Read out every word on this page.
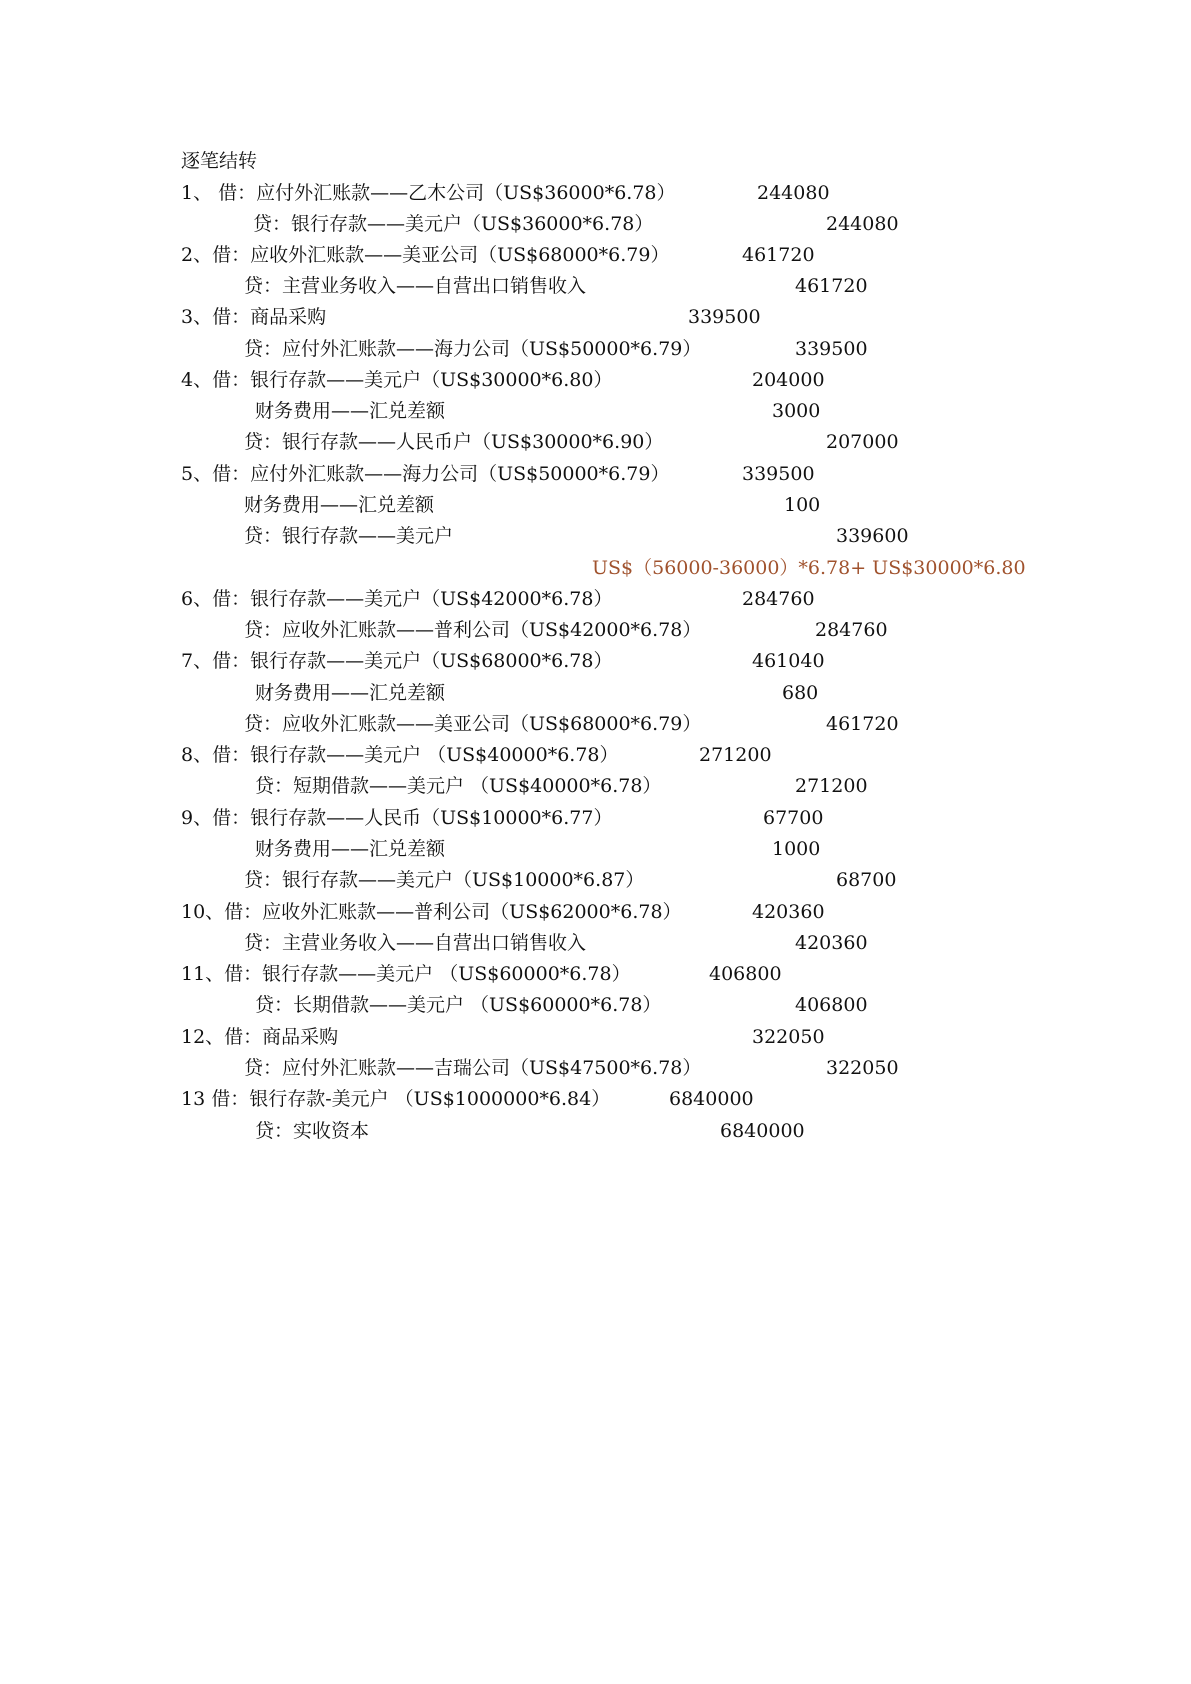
逐笔结转
1、 借：应付外汇账款——乙木公司（US$36000*6.78）	244080
贷：银行存款——美元户（US$36000*6.78）	244080
2、借：应收外汇账款——美亚公司（US$68000*6.79）	461720
贷：主营业务收入——自营出口销售收入	461720
3、借：商品采购	339500
贷：应付外汇账款——海力公司（US$50000*6.79）	339500
4、借：银行存款——美元户（US$30000*6.80）	204000
财务费用——汇兑差额	3000
贷：银行存款——人民币户（US$30000*6.90）	207000
5、借：应付外汇账款——海力公司（US$50000*6.79）	339500
财务费用——汇兑差额	100
贷：银行存款——美元户	339600
US$（56000-36000）*6.78+ US$30000*6.80
6、借：银行存款——美元户（US$42000*6.78）	284760
贷：应收外汇账款——普利公司（US$42000*6.78）	284760
7、借：银行存款——美元户（US$68000*6.78）	461040
财务费用——汇兑差额	680
贷：应收外汇账款——美亚公司（US$68000*6.79）	461720
8、借：银行存款——美元户 （US$40000*6.78）	271200
贷：短期借款——美元户 （US$40000*6.78）	271200
9、借：银行存款——人民币（US$10000*6.77）	67700
财务费用——汇兑差额	1000
贷：银行存款——美元户（US$10000*6.87）	68700
10、借：应收外汇账款——普利公司（US$62000*6.78）	420360
贷：主营业务收入——自营出口销售收入	420360
11、借：银行存款——美元户 （US$60000*6.78）	406800
贷：长期借款——美元户 （US$60000*6.78）	406800
12、借：商品采购	322050
贷：应付外汇账款——吉瑞公司（US$47500*6.78）	322050
13 借：银行存款-美元户 （US$1000000*6.84）	6840000
贷：实收资本	6840000
